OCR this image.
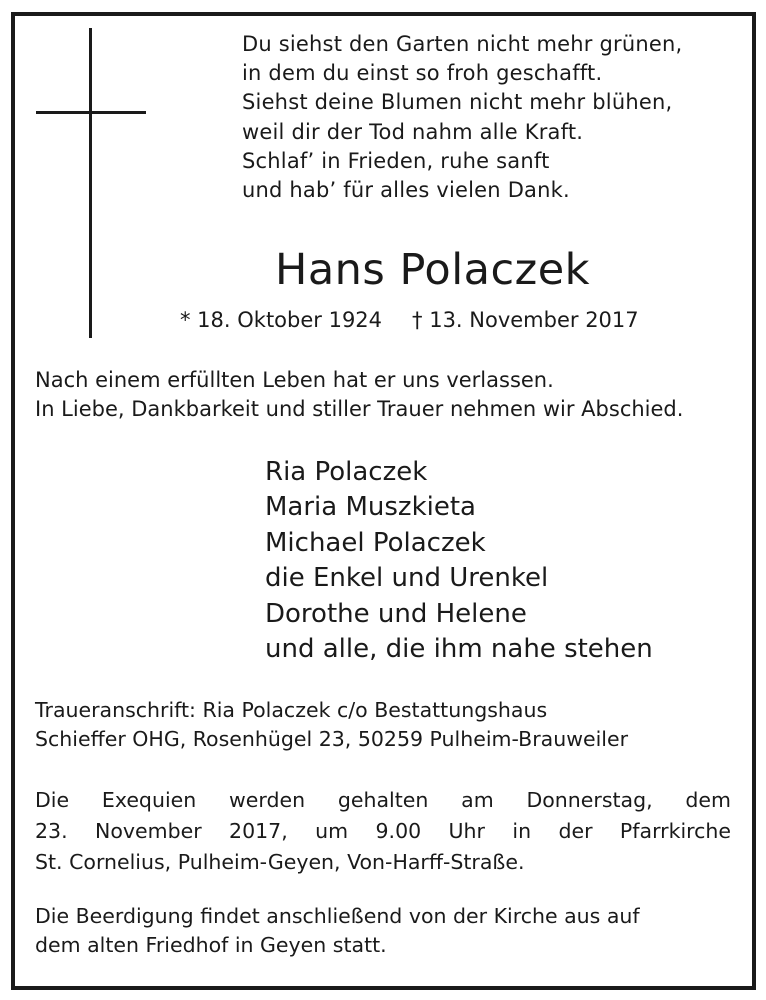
Du siehst den Garten nicht mehr grünen,
in dem du einst so froh geschafft.
Siehst deine Blumen nicht mehr blühen,
weil dir der Tod nahm alle Kraft.
Schlaf’ in Frieden, ruhe sanft
und hab’ für alles vielen Dank.
Hans Polaczek
* 18. Oktober 1924 † 13. November 2017
Nach einem erfüllten Leben hat er uns verlassen.
In Liebe, Dankbarkeit und stiller Trauer nehmen wir Abschied.
Ria Polaczek
Maria Muszkieta
Michael Polaczek
die Enkel und Urenkel
Dorothe und Helene
und alle, die ihm nahe stehen
Traueranschrift: Ria Polaczek c/o Bestattungshaus
Schieffer OHG, Rosenhügel 23, 50259 Pulheim-Brauweiler
Die Exequien werden gehalten am Donnerstag, dem
23. November 2017, um 9.00 Uhr in der Pfarrkirche
St. Cornelius, Pulheim-Geyen, Von-Harff-Straße.
Die Beerdigung findet anschließend von der Kirche aus auf
dem alten Friedhof in Geyen statt.
